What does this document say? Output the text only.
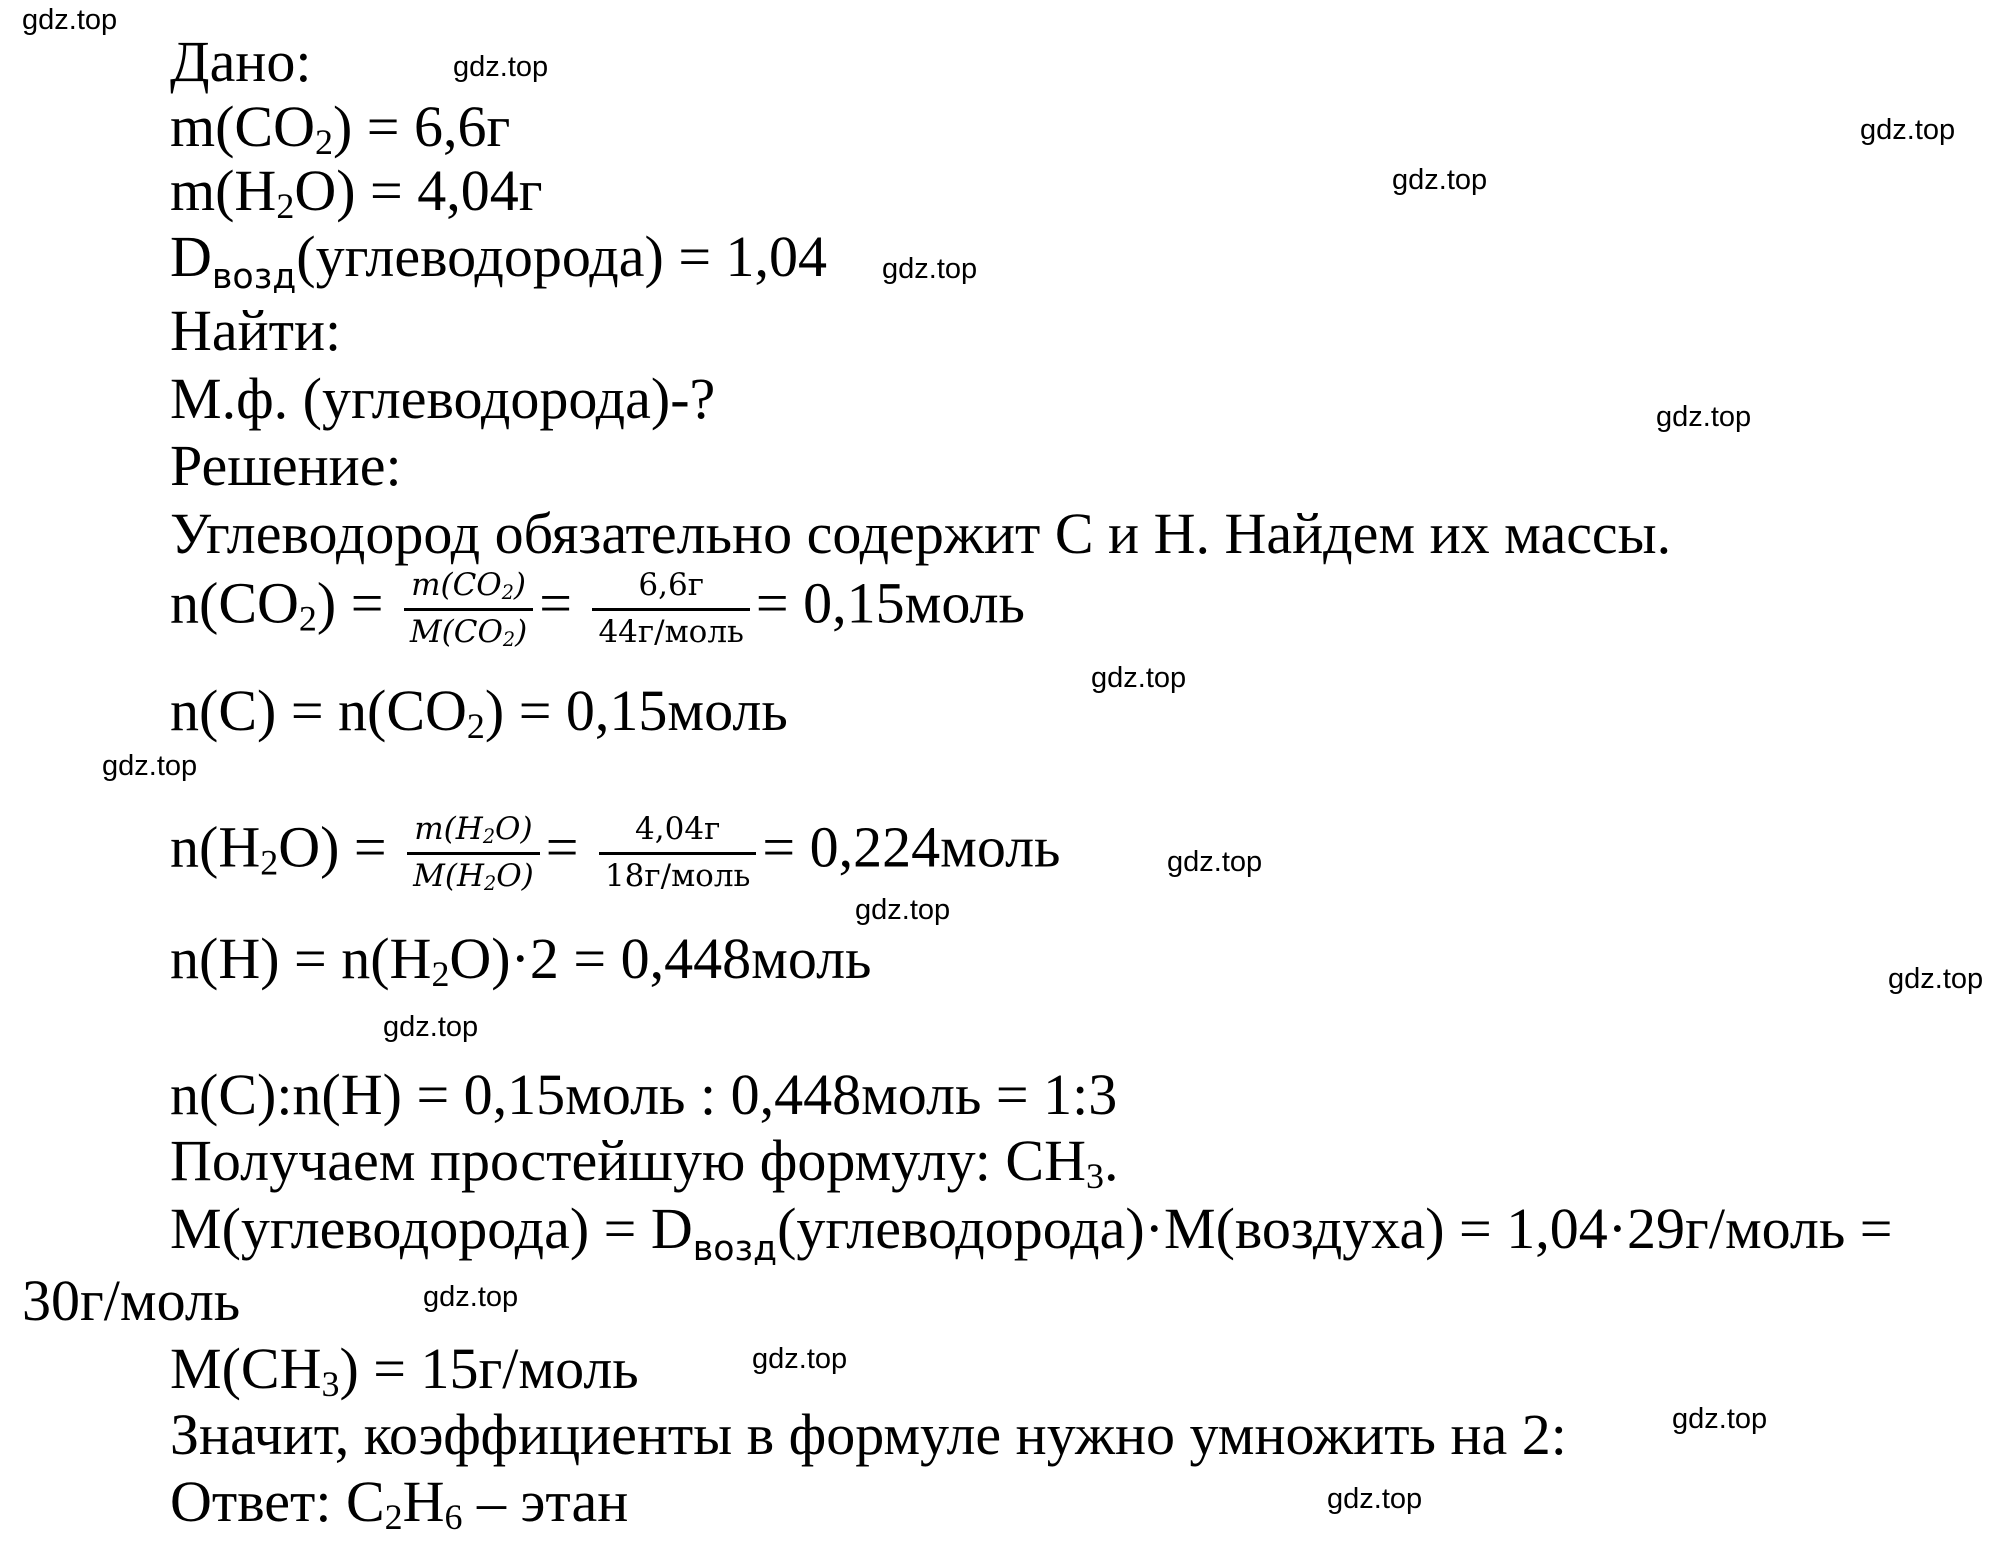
Дано:
$m(CO_2) = 6,6г$
$m(H_2O) = 4,04г$
$D_{возд}(углеводорода) = 1,04$
Найти:
М.ф. (углеводорода)-?
Решение:
Углеводород обязательно содержит C и H. Найдем их массы.
$n(CO_2) = \frac{m(CO_2)}{M(CO_2)} = \frac{6,6г}{\text{44г/моль}}$ = 0,15моль
$n(C) = n(CO_2)$ = 0,15моль
$n(H_2O) = \frac{m(H_2O)}{M(H_2O)} = \frac{4,04г}{\text{18г/моль}}$ = 0,224моль
$n(H) = n(H_2O)\cdot 2$ = 0,448моль
n(C):n(H) = 0,15моль : 0,448моль = 1:3
Получаем простейшую формулу: $CH_3$.
M(углеводорода) = $D_{возд}(углеводорода)\cdot M(воздуха)$ = 1,04·29г/моль =
30г/моль
$M(CH_3)$ = 15г/моль
Значит, коэффициенты в формуле нужно умножить на 2:
Ответ: $C_2H_6$ – этан
gdz.top
gdz.top
gdz.top
gdz.top
gdz.top
gdz.top
gdz.top
gdz.top
gdz.top
gdz.top
gdz.top
gdz.top
gdz.top
gdz.top
gdz.top
gdz.top
